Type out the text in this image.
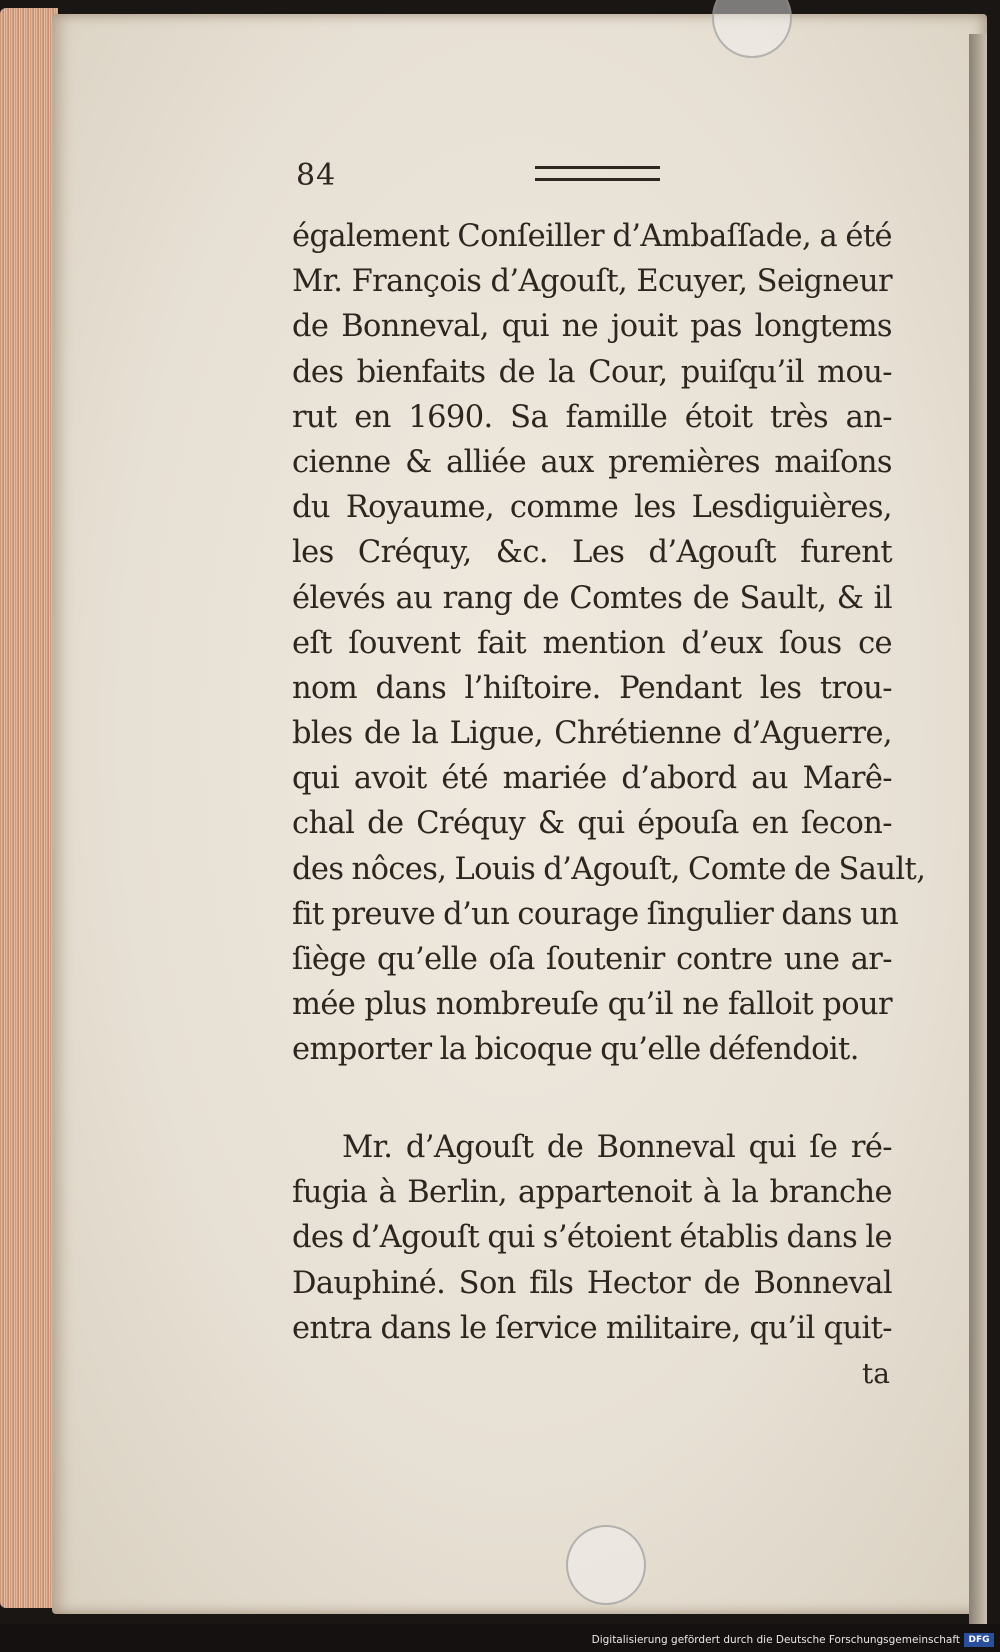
84
également Conſeiller d’Ambaſſade, a été
Mr. François d’Agouſt, Ecuyer, Seigneur
de Bonneval, qui ne jouit pas longtems
des bienfaits de la Cour, puiſqu’il mou-
rut en 1690. Sa famille étoit très an-
cienne & alliée aux premières maiſons
du Royaume, comme les Lesdiguières,
les Créquy, &c. Les d’Agouſt furent
élevés au rang de Comtes de Sault, & il
eſt ſouvent fait mention d’eux ſous ce
nom dans l’hiſtoire. Pendant les trou-
bles de la Ligue, Chrétienne d’Aguerre,
qui avoit été mariée d’abord au Marê-
chal de Créquy & qui épouſa en ſecon-
des nôces, Louis d’Agouſt, Comte de Sault,
fit preuve d’un courage ſingulier dans un
ſiège qu’elle oſa ſoutenir contre une ar-
mée plus nombreuſe qu’il ne falloit pour
emporter la bicoque qu’elle défendoit.
Mr. d’Agouſt de Bonneval qui ſe ré-
fugia à Berlin, appartenoit à la branche
des d’Agouſt qui s’étoient établis dans le
Dauphiné. Son fils Hector de Bonneval
entra dans le ſervice militaire, qu’il quit-
ta
Digitalisierung gefördert durch die Deutsche Forschungsgemeinschaft DFG
